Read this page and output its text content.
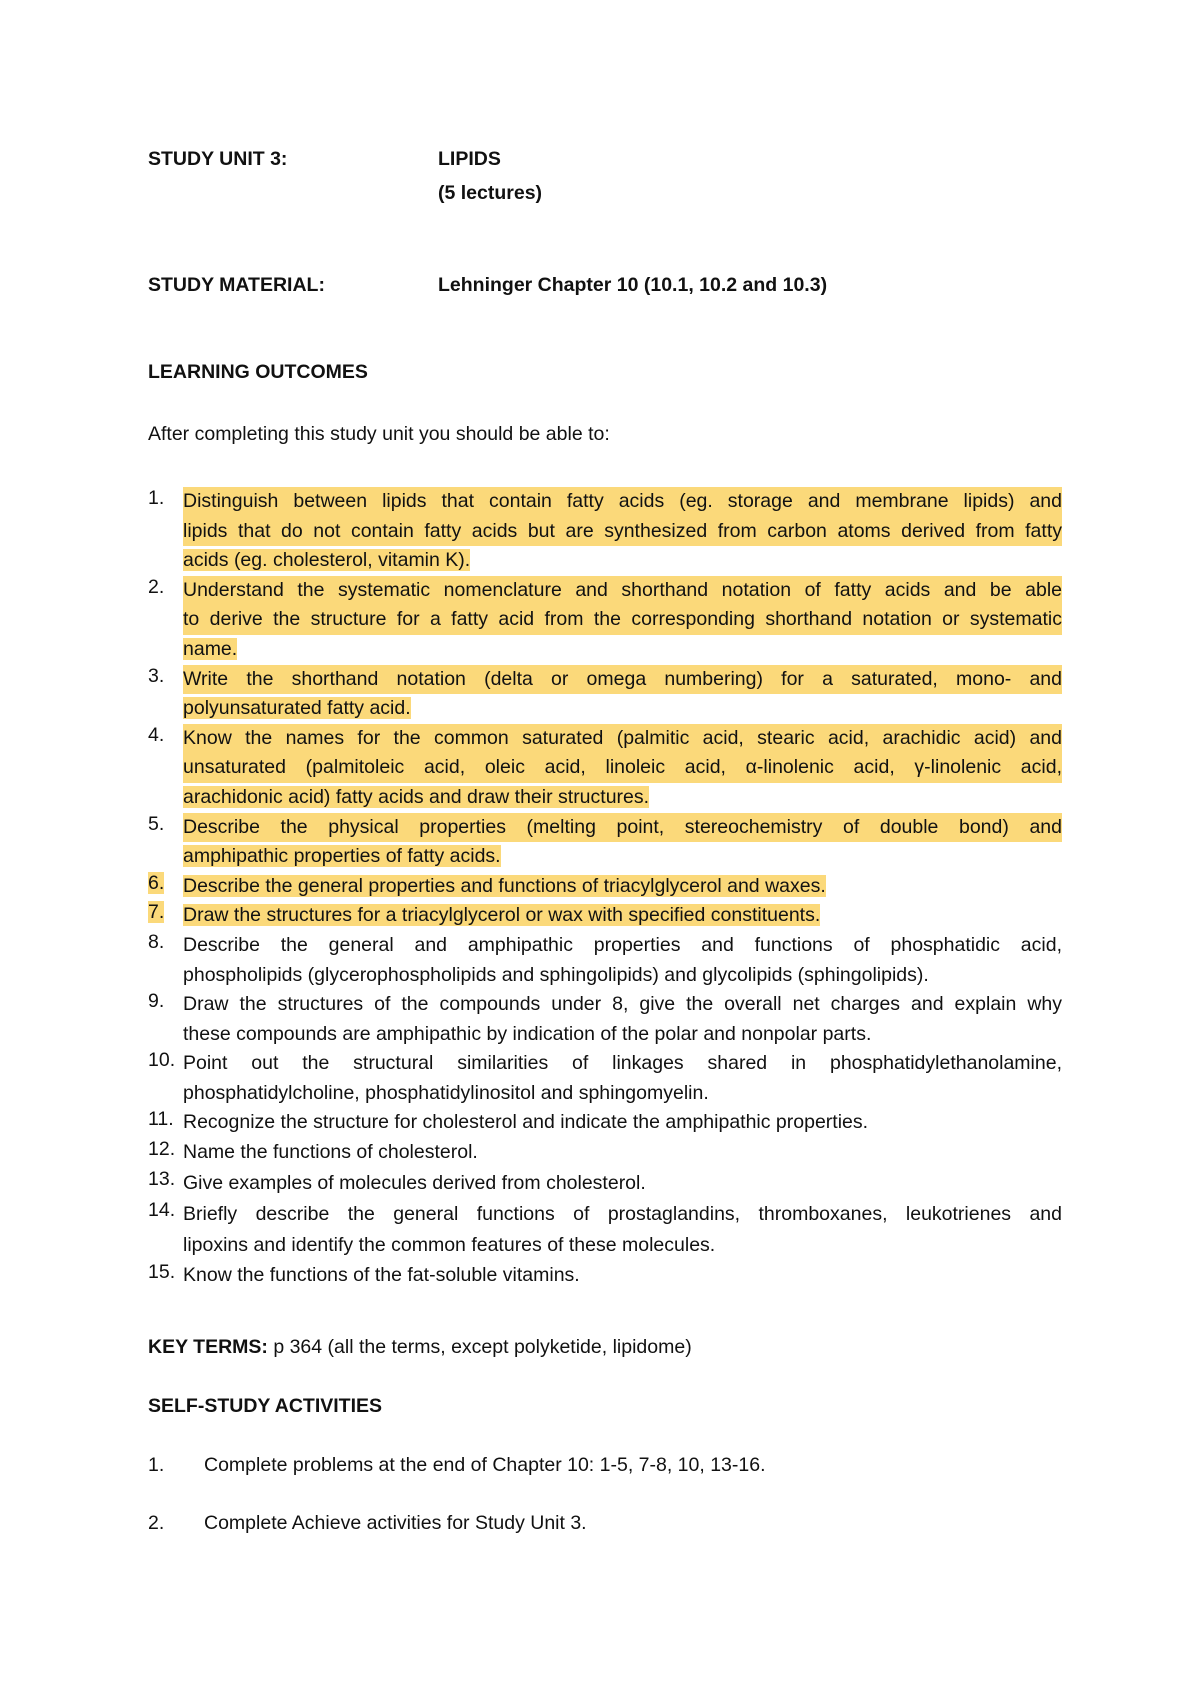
STUDY UNIT 3:	LIPIDS
(5 lectures)
STUDY MATERIAL:	Lehninger Chapter 10 (10.1, 10.2 and 10.3)
LEARNING OUTCOMES
After completing this study unit you should be able to:
1. Distinguish between lipids that contain fatty acids (eg. storage and membrane lipids) and
lipids that do not contain fatty acids but are synthesized from carbon atoms derived from fatty
acids (eg. cholesterol, vitamin K).
2. Understand the systematic nomenclature and shorthand notation of fatty acids and be able
to derive the structure for a fatty acid from the corresponding shorthand notation or systematic
name.
3. Write the shorthand notation (delta or omega numbering) for a saturated, mono- and
polyunsaturated fatty acid.
4. Know the names for the common saturated (palmitic acid, stearic acid, arachidic acid) and
unsaturated (palmitoleic acid, oleic acid, linoleic acid, α-linolenic acid, γ-linolenic acid,
arachidonic acid) fatty acids and draw their structures.
5. Describe the physical properties (melting point, stereochemistry of double bond) and
amphipathic properties of fatty acids.
6. Describe the general properties and functions of triacylglycerol and waxes.
7. Draw the structures for a triacylglycerol or wax with specified constituents.
8. Describe the general and amphipathic properties and functions of phosphatidic acid,
phospholipids (glycerophospholipids and sphingolipids) and glycolipids (sphingolipids).
9. Draw the structures of the compounds under 8, give the overall net charges and explain why
these compounds are amphipathic by indication of the polar and nonpolar parts.
10. Point out the structural similarities of linkages shared in phosphatidylethanolamine,
phosphatidylcholine, phosphatidylinositol and sphingomyelin.
11. Recognize the structure for cholesterol and indicate the amphipathic properties.
12. Name the functions of cholesterol.
13. Give examples of molecules derived from cholesterol.
14. Briefly describe the general functions of prostaglandins, thromboxanes, leukotrienes and
lipoxins and identify the common features of these molecules.
15. Know the functions of the fat-soluble vitamins.
KEY TERMS: p 364 (all the terms, except polyketide, lipidome)
SELF-STUDY ACTIVITIES
1. Complete problems at the end of Chapter 10: 1-5, 7-8, 10, 13-16.
2. Complete Achieve activities for Study Unit 3.
